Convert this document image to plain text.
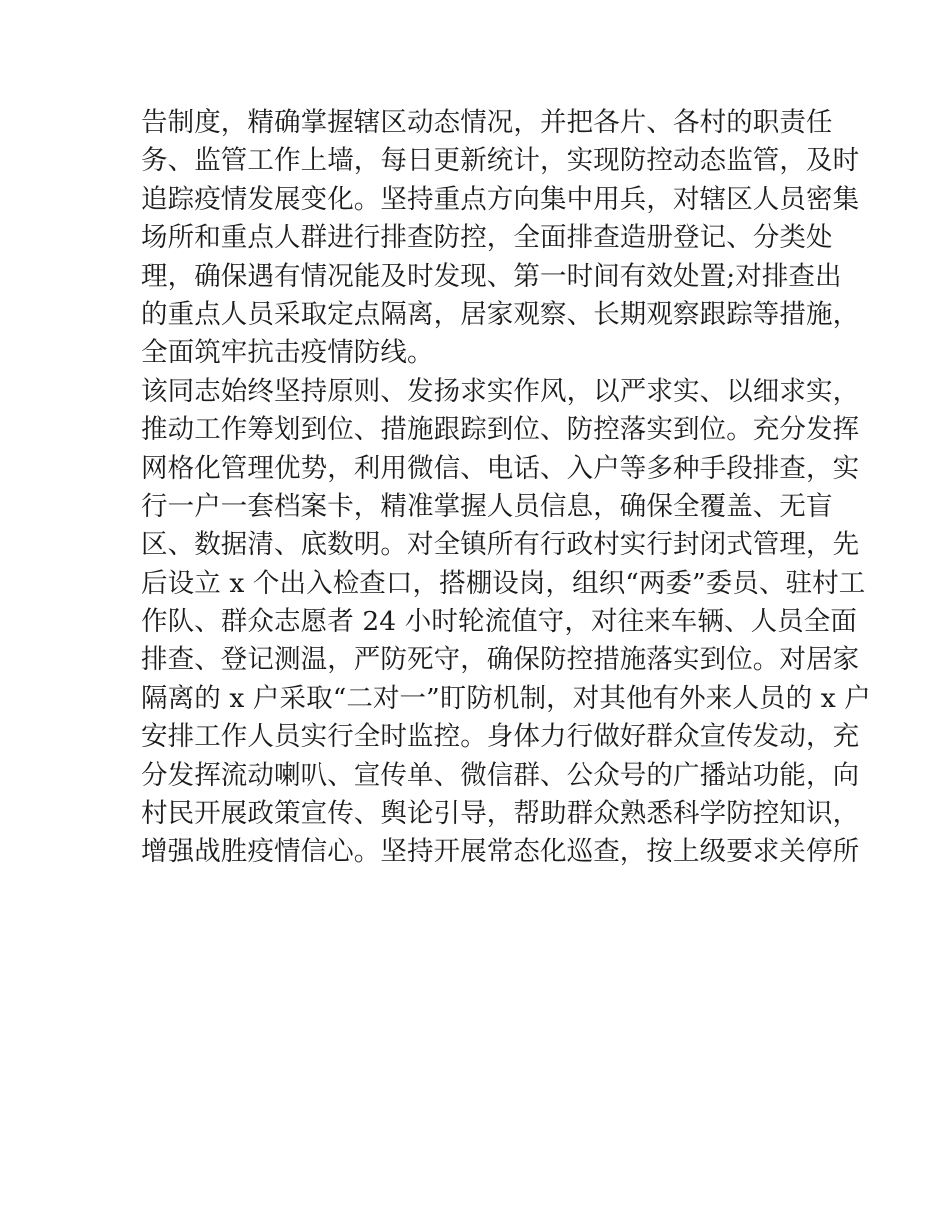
告制度，精确掌握辖区动态情况，并把各片、各村的职责任
务、监管工作上墙，每日更新统计，实现防控动态监管，及时
追踪疫情发展变化。坚持重点方向集中用兵，对辖区人员密集
场所和重点人群进行排查防控，全面排查造册登记、分类处
理，确保遇有情况能及时发现、第一时间有效处置;对排查出
的重点人员采取定点隔离，居家观察、长期观察跟踪等措施，
全面筑牢抗击疫情防线。
该同志始终坚持原则、发扬求实作风，以严求实、以细求实，
推动工作筹划到位、措施跟踪到位、防控落实到位。充分发挥
网格化管理优势，利用微信、电话、入户等多种手段排查，实
行一户一套档案卡，精准掌握人员信息，确保全覆盖、无盲
区、数据清、底数明。对全镇所有行政村实行封闭式管理，先
后设立 x 个出入检查口，搭棚设岗，组织“两委”委员、驻村工
作队、群众志愿者 24 小时轮流值守，对往来车辆、人员全面
排查、登记测温，严防死守，确保防控措施落实到位。对居家
隔离的 x 户采取“二对一”盯防机制，对其他有外来人员的 x 户
安排工作人员实行全时监控。身体力行做好群众宣传发动，充
分发挥流动喇叭、宣传单、微信群、公众号的广播站功能，向
村民开展政策宣传、舆论引导，帮助群众熟悉科学防控知识，
增强战胜疫情信心。坚持开展常态化巡查，按上级要求关停所
